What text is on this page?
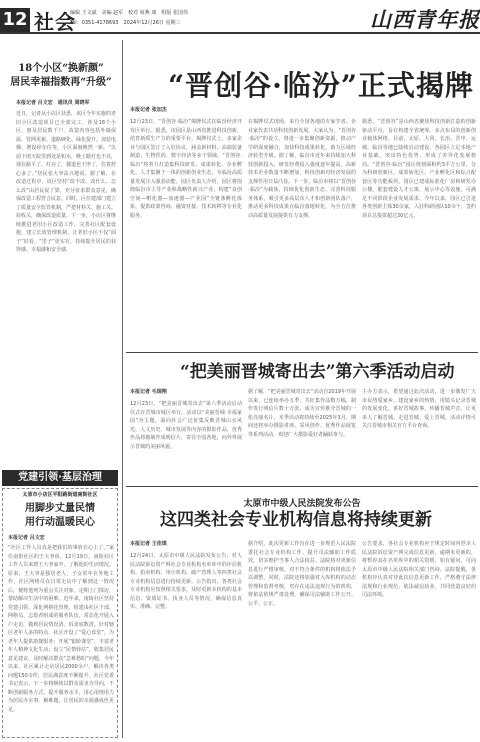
12 社会
编辑 王文斌　美编 赵军　校对 席燕 康　组版 张国伟
Tel：0351-4178693　2024年12月26日 星期三	山西青年报
18个小区“换新颜”
居民幸福指数再“升级”
本报记者 吕文宏　通讯员 周晓军
近日，记者从小店区获悉，该区今年实施的老旧小区改造项目已全部完工，涉及18个小区，惠及居民数千户。改造内容包括外墙保温、管网更新、道路硬化、绿化提升、加装电梯、增设停车位等，小区面貌焕然一新。“以前下雨天院里到处是积水，晚上路灯也不亮，现在路平了、灯亮了，楼道也干净了，住着舒心多了。”居民张大爷高兴地说。据了解，在改造过程中，该区坚持“改不改、改什么、怎么改”由居民说了算，充分征求群众意见，确保改造工程符合民意。同时，区住建部门建立了质量安全监管机制，严把材料关、施工关、验收关，确保改造质量。下一步，小店区将继续推进老旧小区改造工作，完善社区配套设施，建立长效管理机制，让老旧小区不仅“面子”好看，“里子”更实在，持续提升居民的获得感、幸福感和安全感。
党建引领·基层治理
太原市小店区平阳路街道南街社区
用脚步丈量民情
用行动温暖民心
本报记者 吕文宏
“社区工作人员真是把我们的事放在心上了。”家住南街社区的王大爷说。12月19日，南街社区工作人员来到王大爷家中，了解他的生活情况。原来，王大爷是独居老人，子女常年在外地工作，社区网格员在日常走访中了解到这一情况后，便将他列为重点关注对象，定期上门探访，帮助解决生活中的困难。近年来，南街社区坚持党建引领，深化网格化管理，组建由社区干部、网格员、志愿者组成的服务队伍，常态化开展入户走访，做到居民情况清、诉求底数清。针对辖区老年人多的特点，社区开设了“爱心食堂”，为老年人提供助餐服务；开展“银龄课堂”，丰富老年人精神文化生活；设立“民情驿站”，收集居民意见建议，及时解决群众“急难愁盼”问题。今年以来，社区累计走访居民2000余户，解决各类问题150余件，居民满意度不断提升。社区党委书记表示，下一步将继续以群众需求为导向，不断创新服务方式，提升服务水平，用心用情用力为居民办实事、解难题，让居民的幸福感成色更足。
“晋创谷·临汾”正式揭牌
本报记者 张加杰
12月23日，“晋创谷·临汾”揭牌仪式在临汾经济开发区举行。据悉，该园区是山西省推进科技创新、培育新质生产力的重要平台。揭牌仪式上，多家企业与园区签订了入驻协议，涵盖新材料、高端装备制造、生物医药、数字经济等多个领域。“晋创谷·临汾”将着力打造集科技研发、成果转化、企业孵化、人才集聚于一体的创新创业生态，为临汾高质量发展注入强劲动能。园区负责人介绍，园区将围绕临汾市主导产业和战略性新兴产业，构建“众创空间—孵化器—加速器—产业园”全链条孵化体系，提供政策咨询、融资对接、技术转移等专业化服务。
在揭牌仪式现场，来自全国各地的专家学者、企业家代表共话科技创新发展。大家认为，“晋创谷·临汾”的设立，将进一步集聚创新资源，推动产学研深度融合，加快科技成果转化，助力区域经济转型升级。据了解，临汾市近年来持续加大科技创新投入，研发经费投入强度逐年提高，高新技术企业数量不断增加，科技创新对经济发展的支撑作用日益凸显。下一步，临汾市将以“晋创谷·临汾”为载体，持续优化创新生态，完善科技服务体系，吸引更多高层次人才和创新团队落户，推动更多科技成果在临汾落地转化，为全方位推动高质量发展提供有力支撑。
据悉，“晋创谷”是山西省聚焦科技创新打造的创新驱动平台，旨在构建全省统筹、多点布局的创新创业载体网络。目前，太原、大同、长治、晋中、运城、临汾等地已陆续启动建设，各园区立足本地产业基础，突出特色优势，形成了差异化发展格局。“晋创谷·临汾”园区规划面积约3平方公里，分为科研创新区、成果转化区、产业孵化区和综合配套区等功能板块。园区已建成标准化厂房和研发办公楼，配套建设人才公寓、展示中心等设施，可满足不同阶段企业发展需求。今年以来，园区已引进各类创新主体30余家，入驻科研团队10余个，签约项目总投资超过20亿元。
“把美丽晋城寄出去”第六季活动启动
本报记者 毛瑞翔
12月23日，“把美丽晋城寄出去”第六季活动启动仪式在晋城市城区举行。活动以“美丽晋城·幸福家园”为主题，面向社会广泛征集反映晋城山水风光、人文历史、城市发展等内容的摄影作品，优秀作品将被制作成明信片，寄往全国各地，向外界展示晋城的美丽风貌。
据了解，“把美丽晋城寄出去”活动自2019年开展以来，已连续举办五季，共征集作品数万幅，制作发行明信片数十万张，成为宣传推介晋城的一张亮丽名片。本季活动将持续至2025年3月，期间还将举办摄影讲座、采风创作、优秀作品展览等系列活动，欢迎广大摄影爱好者踊跃参与。
主办方表示，希望通过此次活动，进一步激发广大市民热爱家乡、建设家乡的热情，用镜头记录晋城的发展变化，讲好晋城故事，传播晋城声音，让更多人了解晋城、走进晋城、爱上晋城。活动详情可关注晋城市相关官方平台查询。
太原市中级人民法院发布公告
这四类社会专业机构信息将持续更新
本报记者 王佳琪
12月24日，太原市中级人民法院发布公告，对人民法院诉讼资产网社会专业机构名单库中的评估机构、拍卖机构、审计机构、破产管理人等四类社会专业机构信息进行持续更新。公告指出，各类社会专业机构应按照相关要求，及时更新本机构的基本信息、资质证书、执业人员等情况，确保信息真实、准确、完整。
据介绍，此次更新工作旨在进一步规范人民法院委托社会专业机构工作，提升司法辅助工作质效，切实维护当事人合法权益。法院将对更新信息进行严格审核，对不符合条件的机构将依法予以调整。同时，法院还将加强对入库机构的动态管理和监督考核，对存在违法违规行为的机构，将依法依规严肃处理，确保司法辅助工作公开、公平、公正。
公告要求，各社会专业机构应于规定时间内登录人民法院诉讼资产网完成信息更新，逾期未更新的，将暂停其在名单库中的相关资格。如有疑问，可向太原市中级人民法院相关部门咨询。法院提醒，各机构应认真对待此次信息更新工作，严格遵守法律法规和行业规范，依法诚信执业，共同营造良好的司法环境。
